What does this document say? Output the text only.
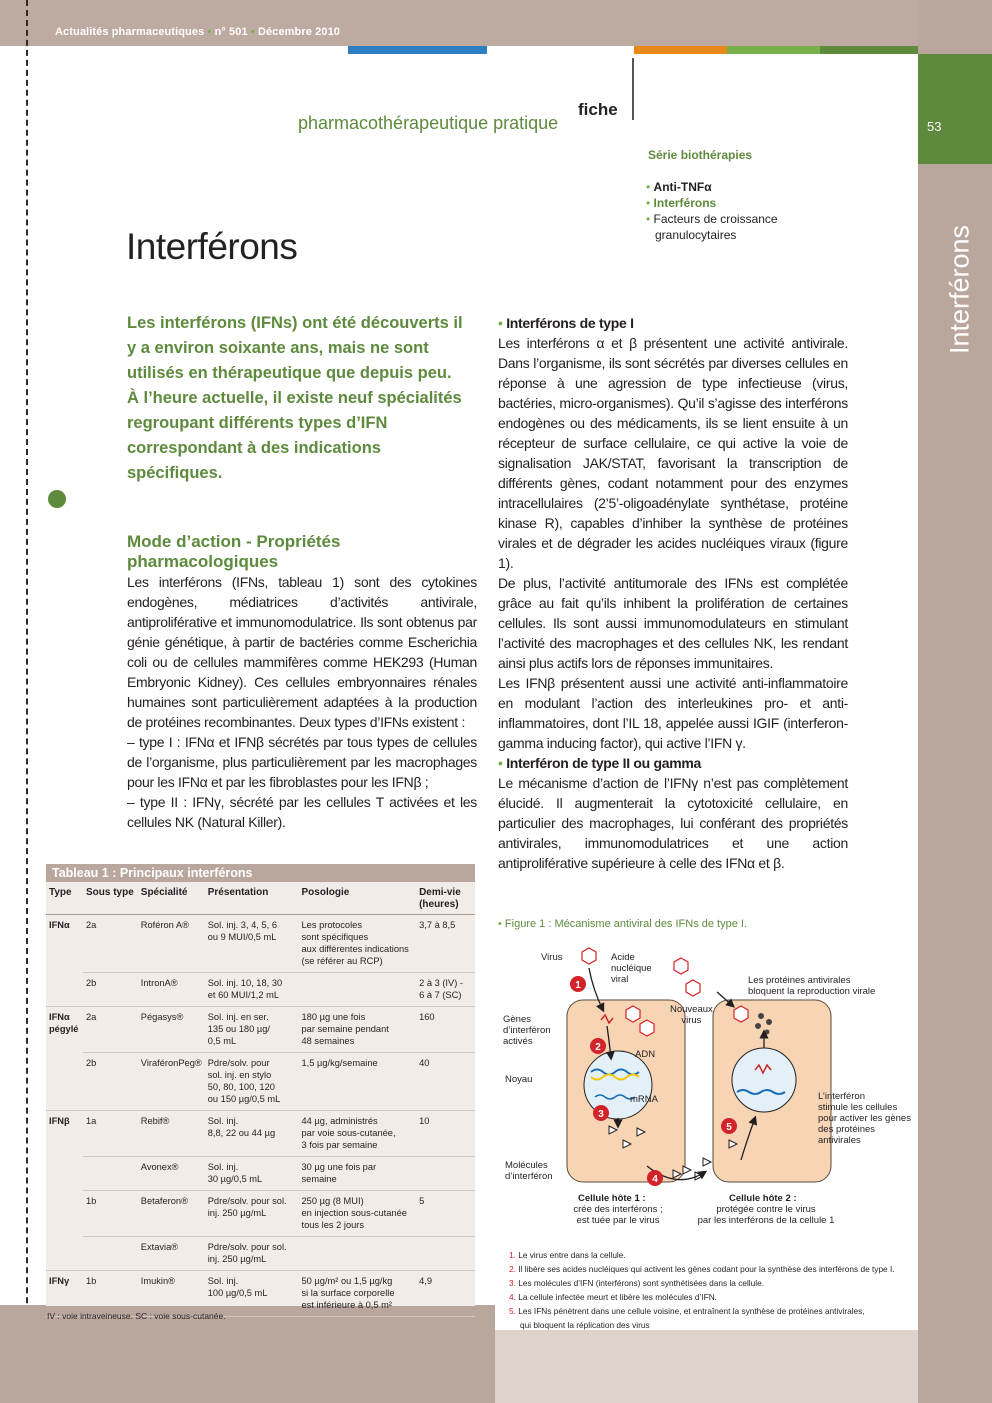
Actualités pharmaceutiques • n° 501 • Décembre 2010
53
Interférons
fiche
pharmacothérapeutique pratique
Série biothérapies
• Anti-TNFα
• Interférons
• Facteurs de croissance
granulocytaires
Interférons
Les interférons (IFNs) ont été découverts il y a environ soixante ans, mais ne sont utilisés en thérapeutique que depuis peu. À l’heure actuelle, il existe neuf spécialités regroupant différents types d’IFN correspondant à des indications spécifiques.
Mode d’action - Propriétés
pharmacologiques

Les interférons (IFNs, tableau 1) sont des cytokines endogènes, médiatrices d’activités antivirale, antiproliférative et immunomodulatrice. Ils sont obtenus par génie génétique, à partir de bactéries comme Escherichia coli ou de cellules mammifères comme HEK293 (Human Embryonic Kidney). Ces cellules embryonnaires rénales humaines sont particulièrement adaptées à la production de protéines recombinantes. Deux types d’IFNs existent :

– type I : IFNα et IFNβ sécrétés par tous types de cellules de l’organisme, plus particulièrement par les macrophages pour les IFNα et par les fibroblastes pour les IFNβ ;

– type II : IFNγ, sécrété par les cellules T activées et les cellules NK (Natural Killer).

• Interférons de type I

Les interférons α et β présentent une activité antivirale. Dans l’organisme, ils sont sécrétés par diverses cellules en réponse à une agression de type infectieuse (virus, bactéries, micro-organismes). Qu’il s’agisse des interférons endogènes ou des médicaments, ils se lient ensuite à un récepteur de surface cellulaire, ce qui active la voie de signalisation JAK/STAT, favorisant la transcription de différents gènes, codant notamment pour des enzymes intracellulaires (2’5’-oligoadénylate synthétase, protéine kinase R), capables d’inhiber la synthèse de protéines virales et de dégrader les acides nucléiques viraux (figure 1).

De plus, l’activité antitumorale des IFNs est complétée grâce au fait qu’ils inhibent la prolifération de certaines cellules. Ils sont aussi immunomodulateurs en stimulant l’activité des macrophages et des cellules NK, les rendant ainsi plus actifs lors de réponses immunitaires.

Les IFNβ présentent aussi une activité anti-inflammatoire en modulant l’action des interleukines pro- et anti-inflammatoires, dont l’IL 18, appelée aussi IGIF (interferon-gamma inducing factor), qui active l’IFN γ.

• Interféron de type II ou gamma

Le mécanisme d’action de l’IFNγ n’est pas complètement élucidé. Il augmenterait la cytotoxicité cellulaire, en particulier des macrophages, lui conférant des propriétés antivirales, immunomodulatrices et une action antiproliférative supérieure à celle des IFNα et β.

Tableau 1 : Principaux interférons
Type	Sous type	Spécialité	Présentation	Posologie	Demi-vie (heures)
IFNα	2a	Roféron A®	Sol. inj. 3, 4, 5, 6
ou 9 MUI/0,5 mL	Les protocoles
sont spécifiques
aux différentes indications
(se référer au RCP)	3,7 à 8,5
	2b	IntronA®	Sol. inj. 10, 18, 30
et 60 MUI/1,2 mL		2 à 3 (IV) -
6 à 7 (SC)
IFNα
pégylé	2a	Pégasys®	Sol. inj. en ser.
135 ou 180 µg/
0,5 mL	180 µg une fois
par semaine pendant
48 semaines	160
	2b	ViraféronPeg®	Pdre/solv. pour
sol. inj. en stylo
50, 80, 100, 120
ou 150 µg/0,5 mL	1,5 µg/kg/semaine	40
IFNβ	1a	Rebif®	Sol. inj.
8,8, 22 ou 44 µg	44 µg, administrés
par voie sous-cutanée,
3 fois par semaine	10
		Avonex®	Sol. inj.
30 µg/0,5 mL	30 µg une fois par semaine	
	1b	Betaferon®	Pdre/solv. pour sol.
inj. 250 µg/mL	250 µg (8 MUI)
en injection sous-cutanée
tous les 2 jours	5
		Extavia®	Pdre/solv. pour sol.
inj. 250 µg/mL		
IFNγ	1b	Imukin®	Sol. inj.
100 µg/0,5 mL	50 µg/m² ou 1,5 µg/kg
si la surface corporelle
est inférieure à 0,5 m²	4,9
IV : voie intraveineuse. SC : voie sous-cutanée.
• Figure 1 : Mécanisme antiviral des IFNs de type I.
1
2
3
4
5
Virus	Acide
nucléique
viral	Les protéines antivirales
bloquent la reproduction virale
Nouveaux
virus
Gènes
d’interféron
activés
ADN
Noyau
mRNA	L’interféron
stimule les cellules
pour activer les gènes
des protéines
antivirales
Molécules
d’interféron
Cellule hôte 1 :
crée des interférons ;
est tuée par le virus
Cellule hôte 2 :
protégée contre le virus
par les interférons de la cellule 1
1. Le virus entre dans la cellule.
2. Il libère ses acides nucléiques qui activent les gènes codant pour la synthèse des interférons de type I.
3. Les molécules d’IFN (interférons) sont synthétisées dans la cellule.
4. La cellule infectée meurt et libère les molécules d’IFN.
5. Les IFNs pénètrent dans une cellule voisine, et entraînent la synthèse de protéines antivirales,
qui bloquent la réplication des virus
